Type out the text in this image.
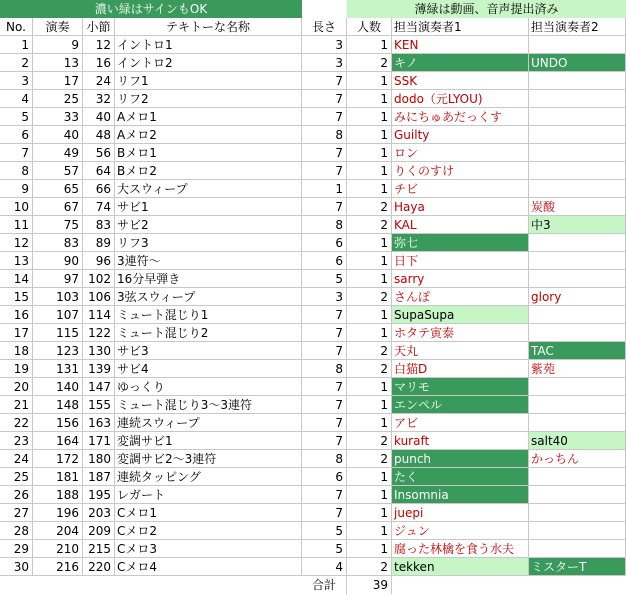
濃い緑はサインもOK	薄緑は動画、音声提出済み
No.	演奏	小節	テキトーな名称	長さ	人数	担当演奏者1	担当演奏者2
1	9	12 イントロ1	3	1 KEN
2	13	16 イントロ2	3	2 キノ	UNDO
3	17	24 リフ1	7	1 SSK
4	25	32 リフ2	7	1 dodo（元LYOU)
5	33	40 Aメロ1	7	1 みにちゅあだっくす
6	40	48 Aメロ2	8	1 Guilty
7	49	56 Bメロ1	7	1 ロン
8	57	64 Bメロ2	7	1 りくのすけ
9	65	66 大スウィープ	1	1 チビ
10	67	74 サビ1	7	2 Haya	炭酸
11	75	83 サビ2	8	2 KAL	中3
12	83	89 リフ3	6	1 弥七
13	90	96 3連符～	6	1 日下
14	97 102 16分早弾き	5	1 sarry
15	103 106 3弦スウィープ	3	2 さんぽ	glory
16	107 114 ミュート混じり1	7	1 SupaSupa
17	115 122 ミュート混じり2	7	1 ホタテ寅泰
18	123 130 サビ3	7	2 天丸	TAC
19	131 139 サビ4	8	2 白猫D	紫苑
20	140 147 ゆっくり	7	1 マリモ
21	148 155 ミュート混じり3～3連符	7	1 エンペル
22	156 163 連続スウィープ	7	1 アビ
23	164 171 変調サビ1	7	2 kuraft	salt40
24	172 180 変調サビ2～3連符	8	2 punch	かっちん
25	181 187 連続タッピング	6	1 たく
26	188 195 レガート	7	1 Insomnia
27	196 203 Cメロ1	7	1 juepi
28	204 209 Cメロ2	5	1 ジュン
29	210 215 Cメロ3	5	1 腐った林檎を食う水夫
30	216 220 Cメロ4	4	2 tekken	ミスターT
合計	39
